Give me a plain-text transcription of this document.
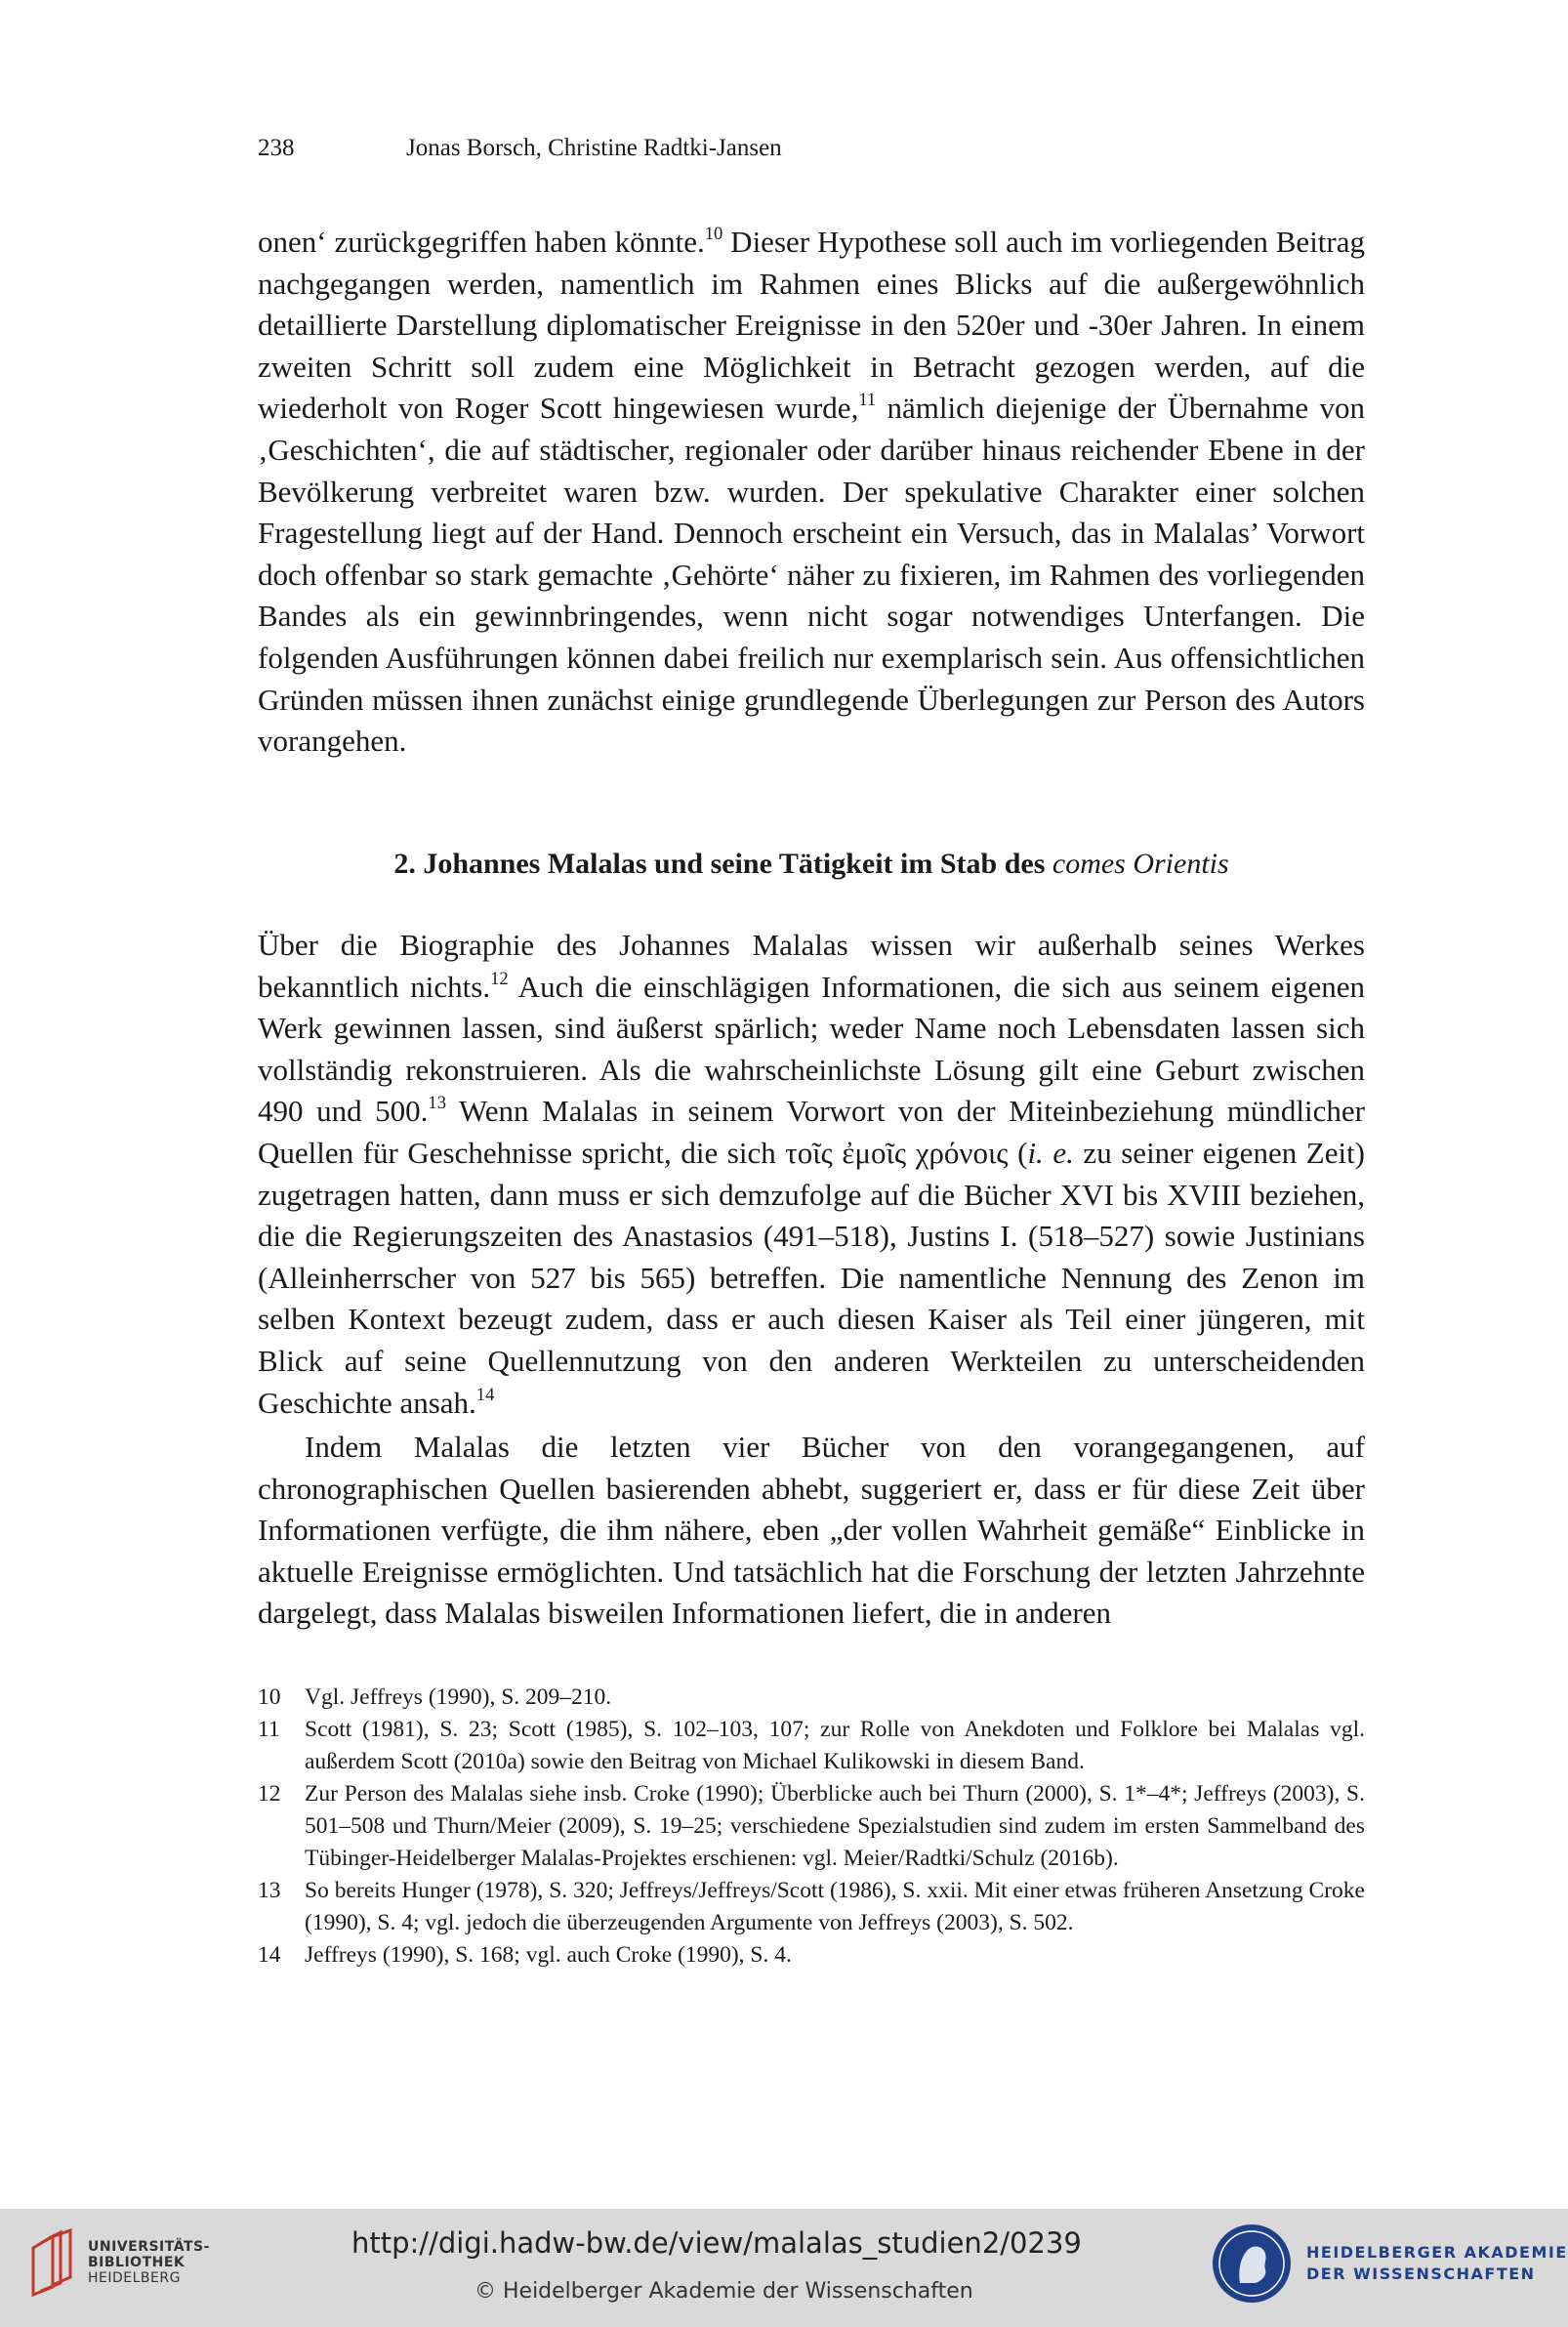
238	Jonas Borsch, Christine Radtki-Jansen

onen‘ zurückgegriffen haben könnte.$^{10}$ Dieser Hypothese soll auch im vorliegenden Beitrag nachgegangen werden, namentlich im Rahmen eines Blicks auf die außergewöhnlich detaillierte Darstellung diplomatischer Ereignisse in den 520er und -30er Jahren. In einem zweiten Schritt soll zudem eine Möglichkeit in Betracht gezogen werden, auf die wiederholt von Roger Scott hingewiesen wurde,$^{11}$ nämlich diejenige der Übernahme von ‚Geschichten‘, die auf städtischer, regionaler oder darüber hinaus reichender Ebene in der Bevölkerung verbreitet waren bzw. wurden. Der spekulative Charakter einer solchen Fragestellung liegt auf der Hand. Dennoch erscheint ein Versuch, das in Malalas’ Vorwort doch offenbar so stark gemachte ‚Gehörte‘ näher zu fixieren, im Rahmen des vorliegenden Bandes als ein gewinnbringendes, wenn nicht sogar notwendiges Unterfangen. Die folgenden Ausführungen können dabei freilich nur exemplarisch sein. Aus offensichtlichen Gründen müssen ihnen zunächst einige grundlegende Überlegungen zur Person des Autors vorangehen.

2. Johannes Malalas und seine Tätigkeit im Stab des comes Orientis

Über die Biographie des Johannes Malalas wissen wir außerhalb seines Werkes bekanntlich nichts.$^{12}$ Auch die einschlägigen Informationen, die sich aus seinem eigenen Werk gewinnen lassen, sind äußerst spärlich; weder Name noch Lebensdaten lassen sich vollständig rekonstruieren. Als die wahrscheinlichste Lösung gilt eine Geburt zwischen 490 und 500.13 Wenn Malalas in seinem Vorwort von der Miteinbeziehung mündlicher Quellen für Geschehnisse spricht, die sich τοῖς ἐμοῖς χρόνοις (i. e. zu seiner eigenen Zeit) zugetragen hatten, dann muss er sich demzufolge auf die Bücher XVI bis XVIII beziehen, die die Regierungszeiten des Anastasios (491–518), Justins I. (518–527) sowie Justinians (Alleinherrscher von 527 bis 565) betreffen. Die namentliche Nennung des Zenon im selben Kontext bezeugt zudem, dass er auch diesen Kaiser als Teil einer jüngeren, mit Blick auf seine Quellennutzung von den anderen Werkteilen zu unterscheidenden Geschichte ansah.$^{14}$

Indem Malalas die letzten vier Bücher von den vorangegangenen, auf chronographischen Quellen basierenden abhebt, suggeriert er, dass er für diese Zeit über Informationen verfügte, die ihm nähere, eben „der vollen Wahrheit gemäße“ Einblicke in aktuelle Ereignisse ermöglichten. Und tatsächlich hat die Forschung der letzten Jahrzehnte dargelegt, dass Malalas bisweilen Informationen liefert, die in anderen

10	Vgl. Jeffreys (1990), S. 209–210.
11	Scott (1981), S. 23; Scott (1985), S. 102–103, 107; zur Rolle von Anekdoten und Folklore bei Malalas vgl. außerdem Scott (2010a) sowie den Beitrag von Michael Kulikowski in diesem Band.
12	Zur Person des Malalas siehe insb. Croke (1990); Überblicke auch bei Thurn (2000), S. 1*–4*; Jeffreys (2003), S. 501–508 und Thurn/Meier (2009), S. 19–25; verschiedene Spezialstudien sind zudem im ersten Sammelband des Tübinger-Heidelberger Malalas-Projektes erschienen: vgl. Meier/Radtki/Schulz (2016b).
13	So bereits Hunger (1978), S. 320; Jeffreys/Jeffreys/Scott (1986), S. xxii. Mit einer etwas früheren Ansetzung Croke (1990), S. 4; vgl. jedoch die überzeugenden Argumente von Jeffreys (2003), S. 502.
14	Jeffreys (1990), S. 168; vgl. auch Croke (1990), S. 4.
UNIVERSITÄTS-
BIBLIOTHEK
HEIDELBERG
http://digi.hadw-bw.de/view/malalas_studien2/0239
© Heidelberger Akademie der Wissenschaften
HEIDELBERGER AKADEMIE
DER WISSENSCHAFTEN
